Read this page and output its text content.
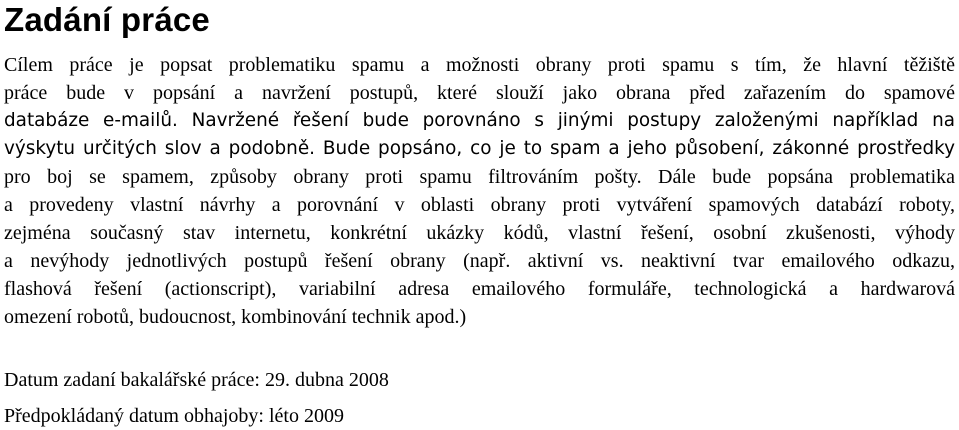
Zadání práce
Cílem práce je popsat problematiku spamu a možnosti obrany proti spamu s tím, že hlavní těžiště
práce bude v popsání a navržení postupů, které slouží jako obrana před zařazením do spamové
databáze e-mailů. Navržené řešení bude porovnáno s jinými postupy založenými například na
výskytu určitých slov a podobně. Bude popsáno, co je to spam a jeho působení, zákonné prostředky
pro boj se spamem, způsoby obrany proti spamu filtrováním pošty. Dále bude popsána problematika
a provedeny vlastní návrhy a porovnání v oblasti obrany proti vytváření spamových databází roboty,
zejména současný stav internetu, konkrétní ukázky kódů, vlastní řešení, osobní zkušenosti, výhody
a nevýhody jednotlivých postupů řešení obrany (např. aktivní vs. neaktivní tvar emailového odkazu,
flashová řešení (actionscript), variabilní adresa emailového formuláře, technologická a hardwarová
omezení robotů, budoucnost, kombinování technik apod.)
Datum zadaní bakalářské práce: 29. dubna 2008
Předpokládaný datum obhajoby: léto 2009
